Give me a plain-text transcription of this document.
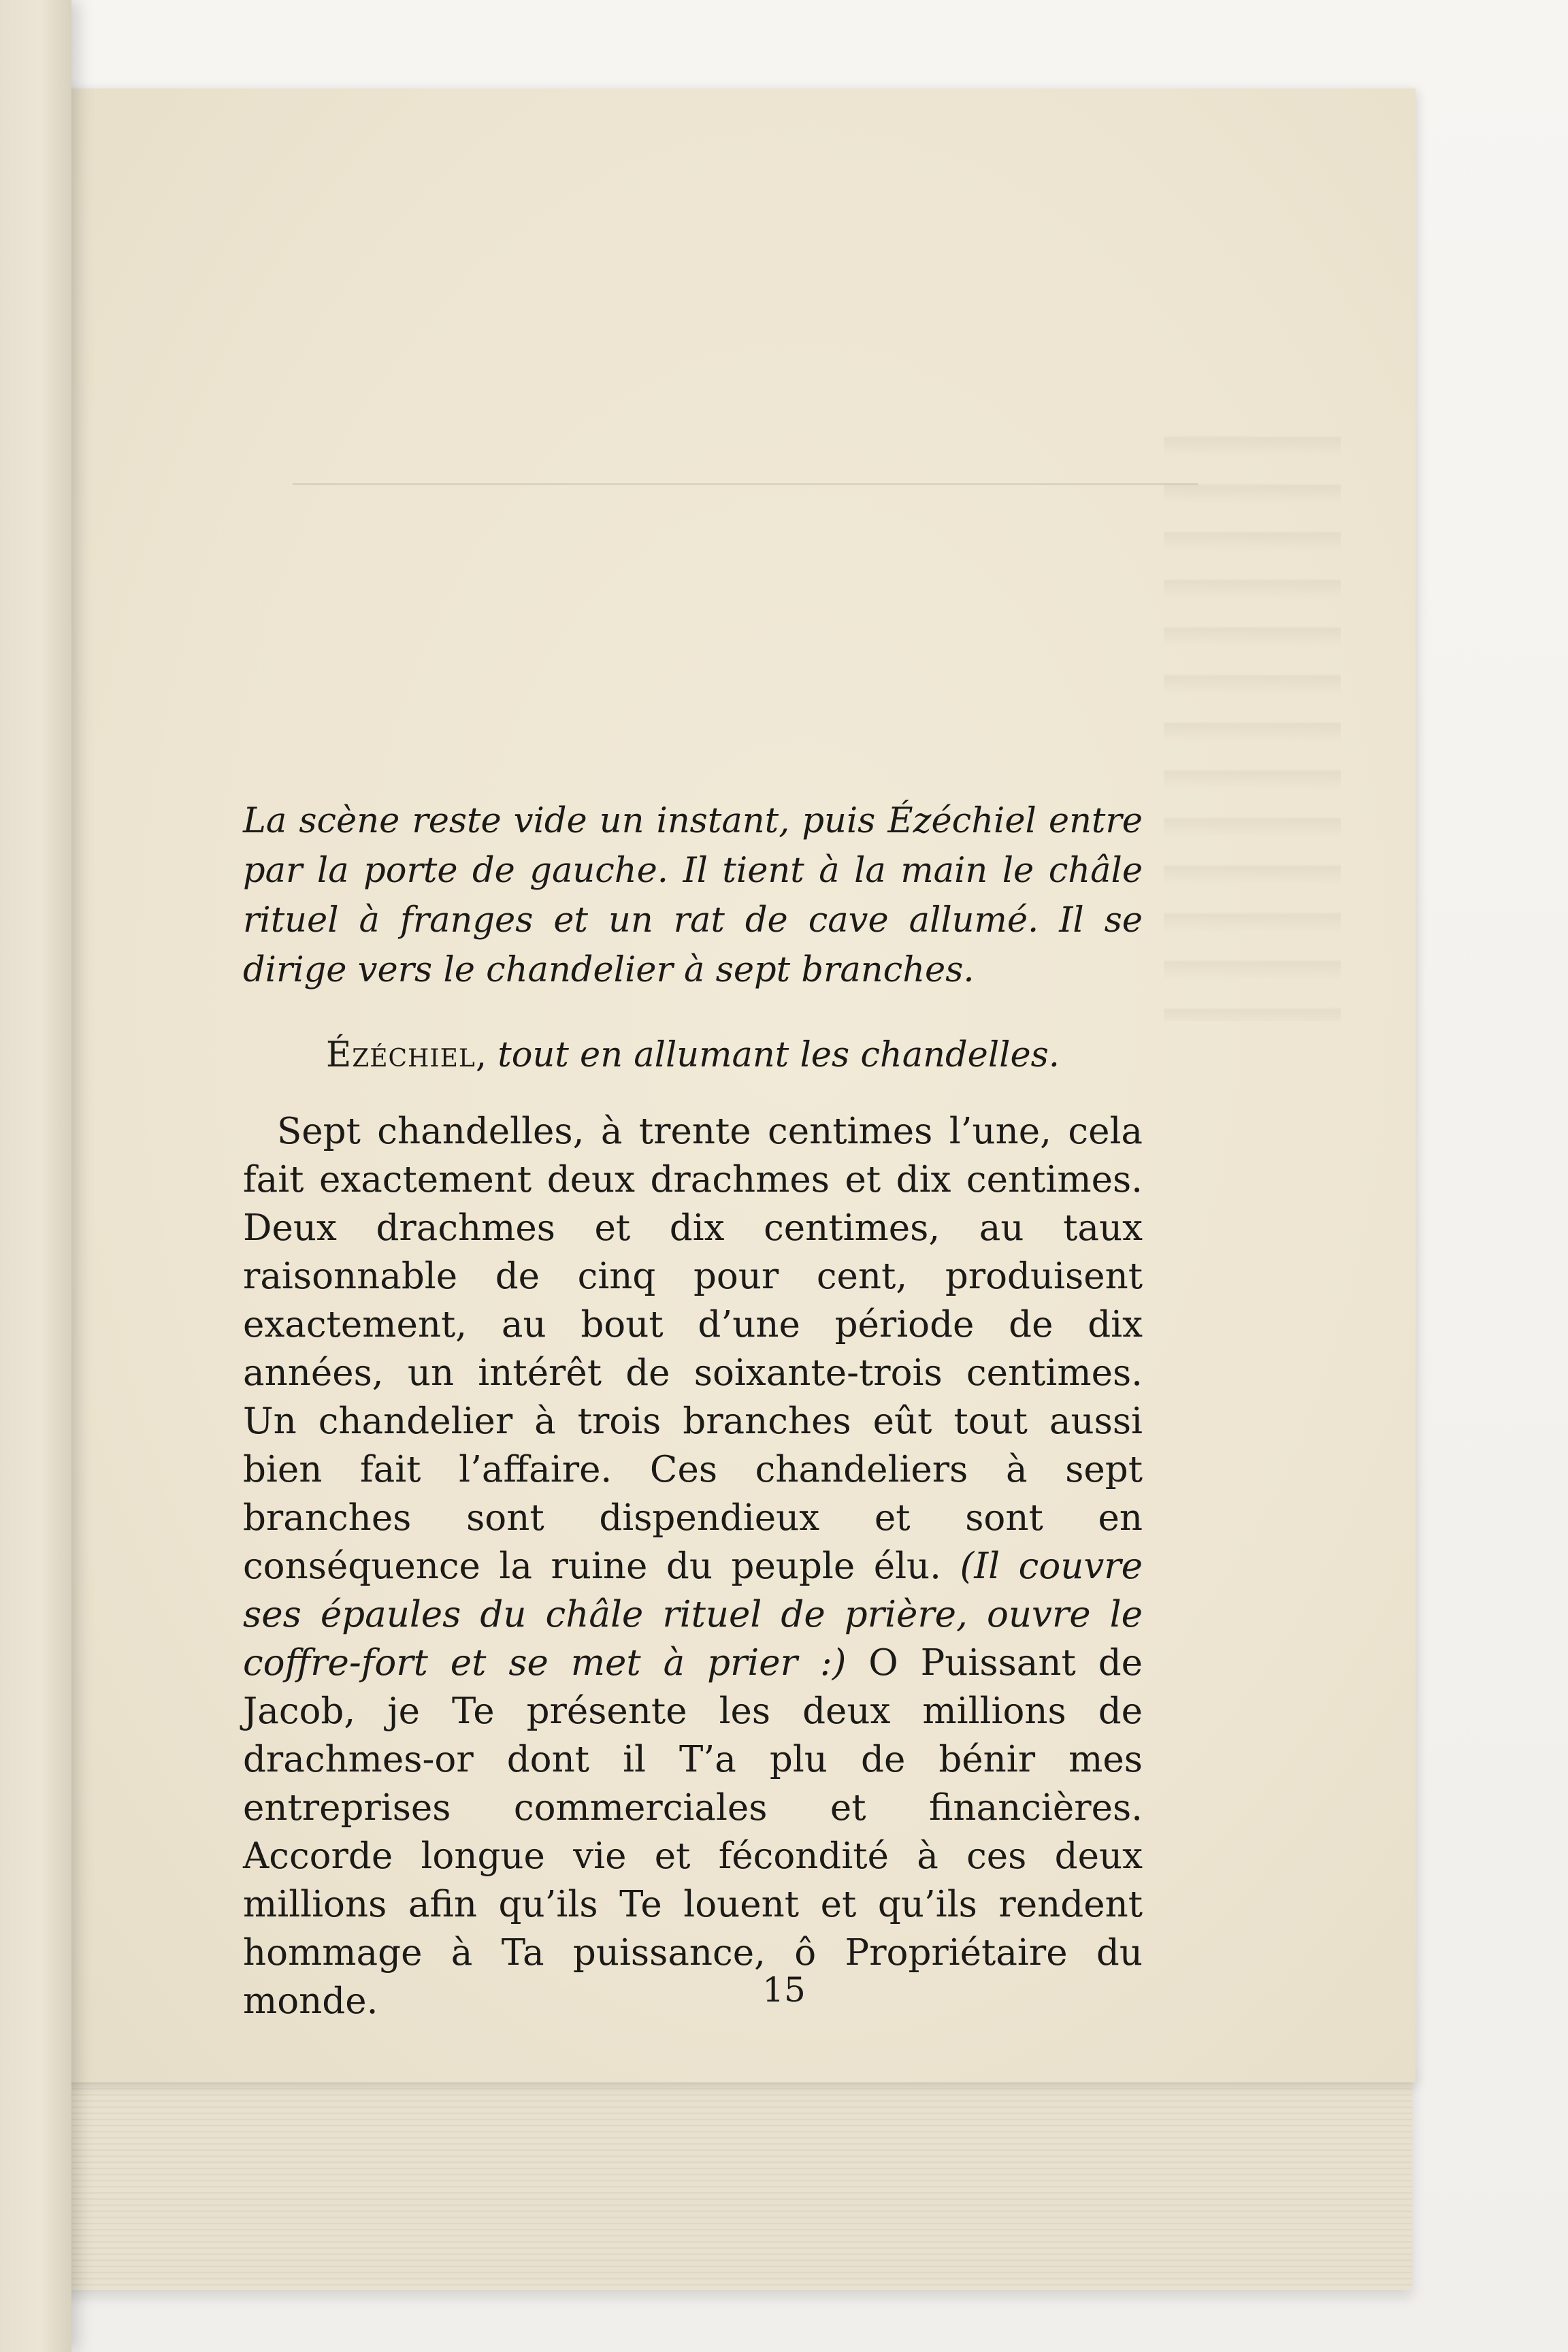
La scène reste vide un instant, puis Ézéchiel entre par la porte de gauche. Il tient à la main le châle rituel à franges et un rat de cave allumé. Il se dirige vers le chandelier à sept branches.

Ézéchiel, tout en allumant les chandelles.

Sept chandelles, à trente centimes l’une, cela fait exactement deux drachmes et dix centimes. Deux drachmes et dix centimes, au taux raisonnable de cinq pour cent, produisent exactement, au bout d’une période de dix années, un intérêt de soixante-trois centimes. Un chandelier à trois branches eût tout aussi bien fait l’affaire. Ces chandeliers à sept branches sont dispendieux et sont en conséquence la ruine du peuple élu. (Il couvre ses épaules du châle rituel de prière, ouvre le coffre-fort et se met à prier :) O Puissant de Jacob, je Te présente les deux millions de drachmes-or dont il T’a plu de bénir mes entreprises commerciales et financières. Accorde longue vie et fécondité à ces deux millions afin qu’ils Te louent et qu’ils rendent hommage à Ta puissance, ô Propriétaire du monde.	15
